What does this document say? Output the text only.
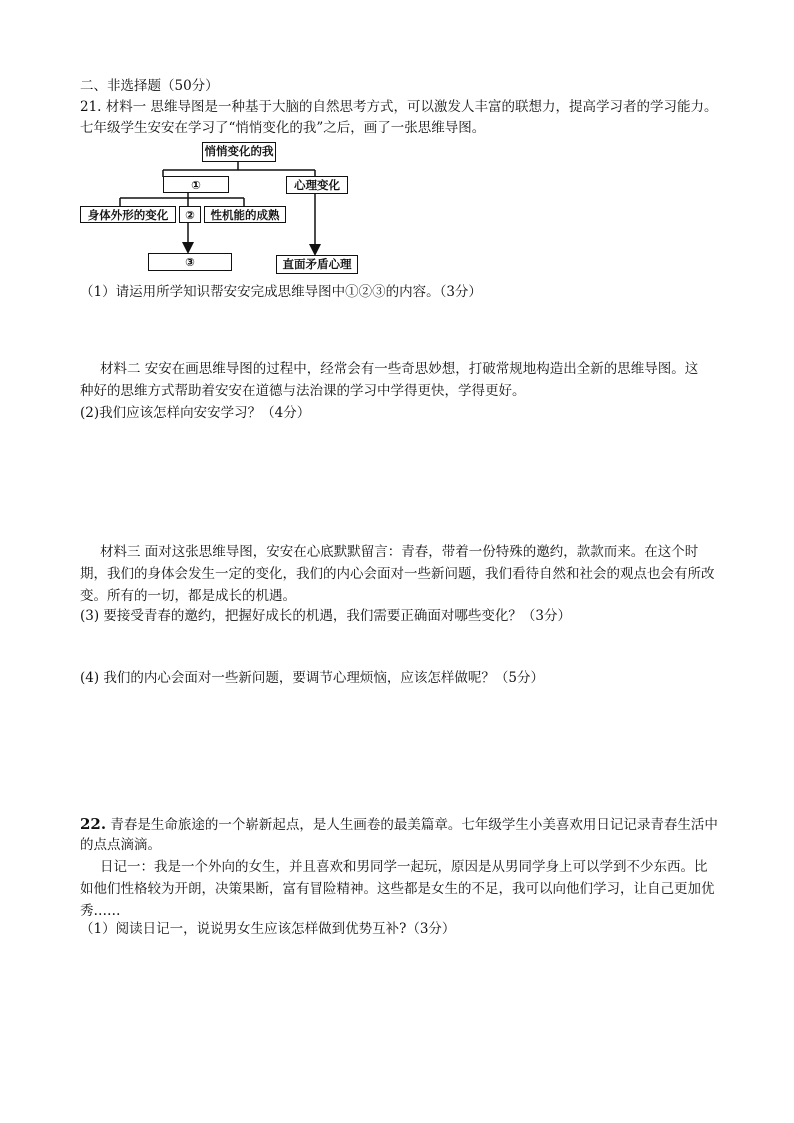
二、非选择题（50分）
21. 材料一 思维导图是一种基于大脑的自然思考方式，可以激发人丰富的联想力，提高学习者的学习能力。
七年级学生安安在学习了“悄悄变化的我”之后，画了一张思维导图。
悄悄变化的我
①	心理变化
身体外形的变化	②	性机能的成熟
③	直面矛盾心理
（1）请运用所学知识帮安安完成思维导图中①②③的内容。（3分）
材料二 安安在画思维导图的过程中，经常会有一些奇思妙想，打破常规地构造出全新的思维导图。这
种好的思维方式帮助着安安在道德与法治课的学习中学得更快，学得更好。
(2)我们应该怎样向安安学习？（4分）
材料三 面对这张思维导图，安安在心底默默留言：青春，带着一份特殊的邀约，款款而来。在这个时
期，我们的身体会发生一定的变化，我们的内心会面对一些新问题，我们看待自然和社会的观点也会有所改
变。所有的一切，都是成长的机遇。
(3) 要接受青春的邀约，把握好成长的机遇，我们需要正确面对哪些变化？（3分）
(4) 我们的内心会面对一些新问题，要调节心理烦恼，应该怎样做呢？（5分）
22. 青春是生命旅途的一个崭新起点，是人生画卷的最美篇章。七年级学生小美喜欢用日记记录青春生活中
的点点滴滴。
日记一：我是一个外向的女生，并且喜欢和男同学一起玩，原因是从男同学身上可以学到不少东西。比
如他们性格较为开朗，决策果断，富有冒险精神。这些都是女生的不足，我可以向他们学习，让自己更加优
秀……
（1）阅读日记一，说说男女生应该怎样做到优势互补?（3分）
